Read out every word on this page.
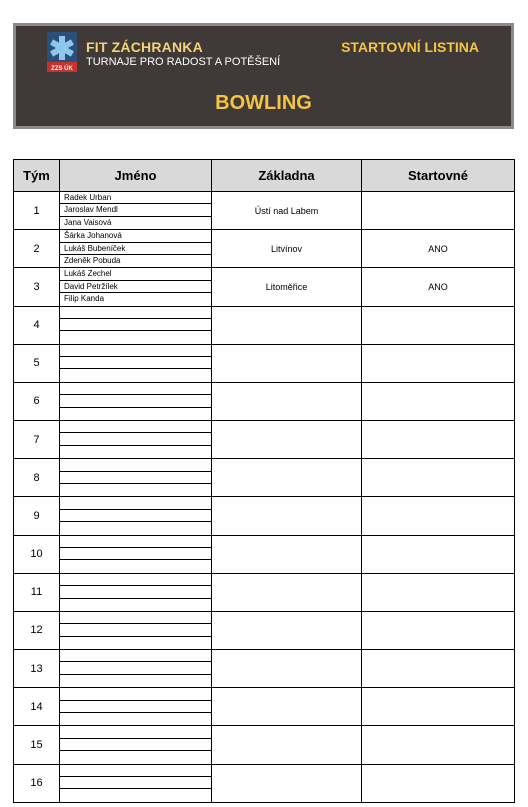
ZZS ÚK
FIT ZÁCHRANKA
TURNAJE PRO RADOST A POTĚŠENÍ
STARTOVNÍ LISTINA
BOWLING
Tým	Jméno	Základna	Startovné
1	Radek Urban
Jaroslav Mendl
Jana Vaisová	Ústí nad Labem	
2	Šárka Johanová
Lukáš Bubeníček
Zdeněk Pobuda	Litvínov	ANO
3	Lukáš Zechel
David Petržílek
Filip Kanda	Litoměřice	ANO
4	

5	

6	

7	

8	

9	

10	

11	

12	

13	

14	

15	

16	
